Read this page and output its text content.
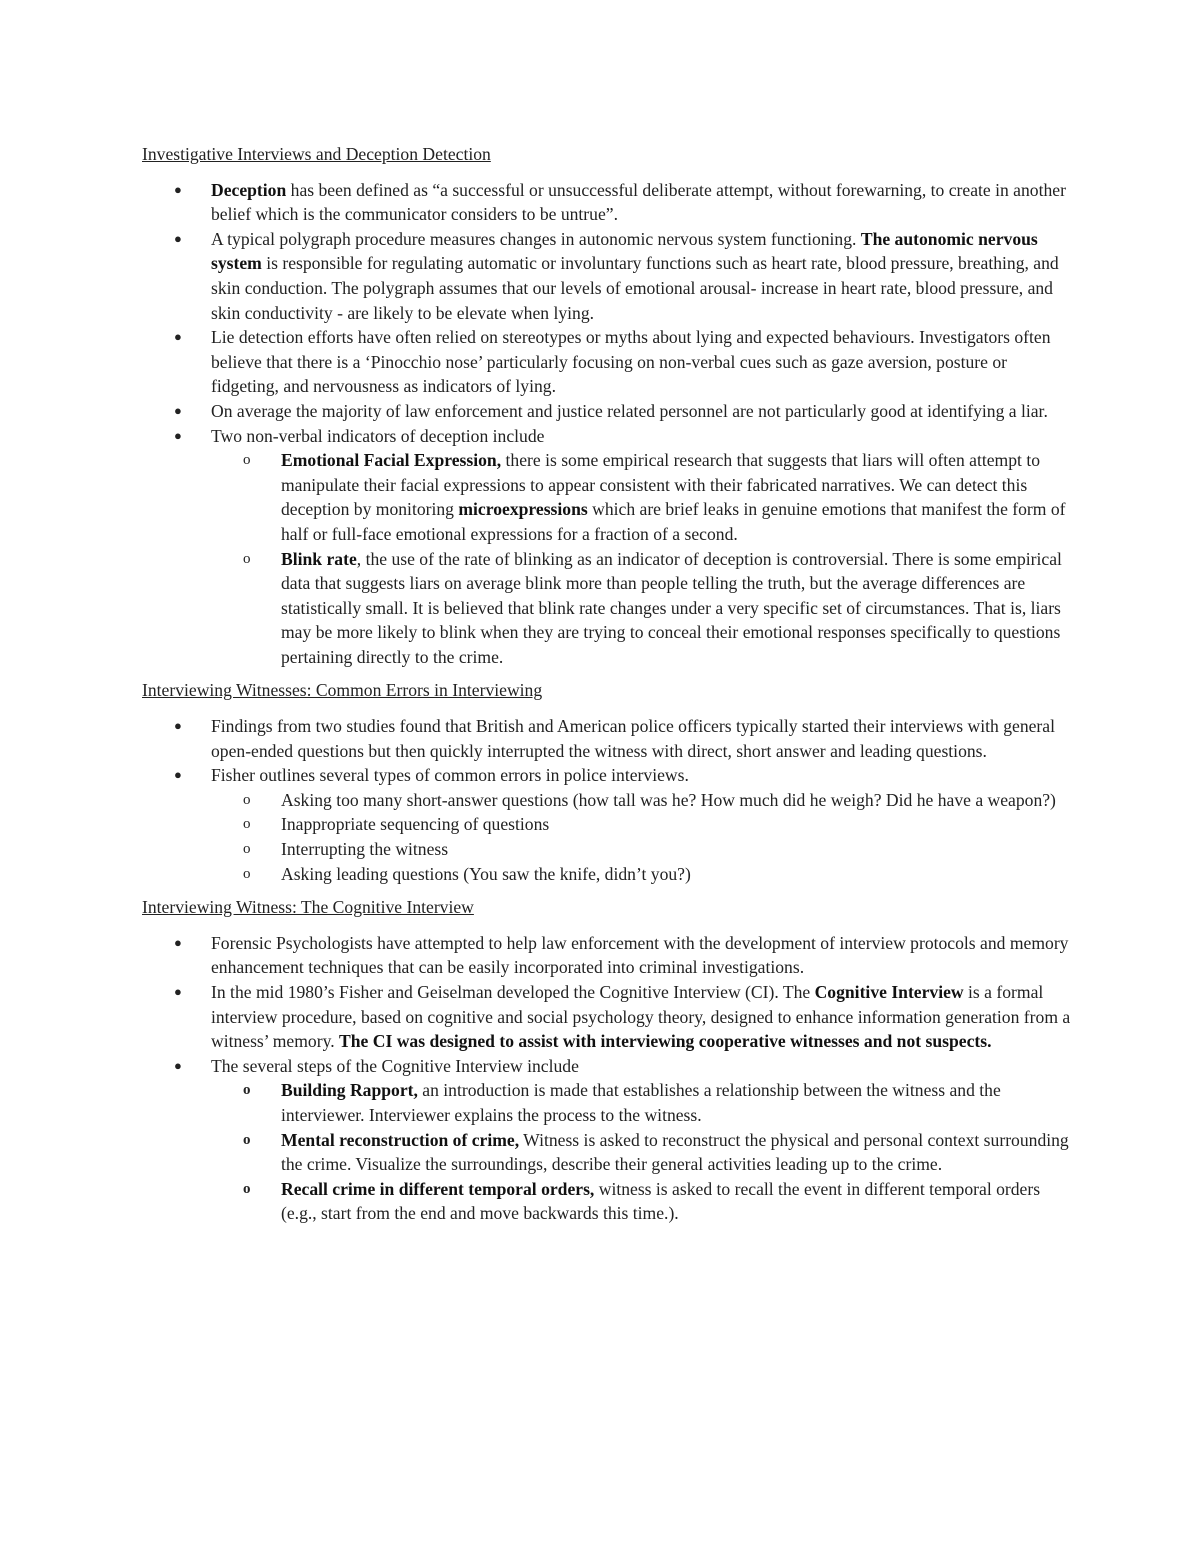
Investigative Interviews and Deception Detection

● Deception has been defined as “a successful or unsuccessful deliberate attempt, without forewarning, to create in another belief which is the communicator considers to be untrue”.
● A typical polygraph procedure measures changes in autonomic nervous system functioning. The autonomic nervous system is responsible for regulating automatic or involuntary functions such as heart rate, blood pressure, breathing, and skin conduction. The polygraph assumes that our levels of emotional arousal- increase in heart rate, blood pressure, and skin conductivity - are likely to be elevate when lying.
● Lie detection efforts have often relied on stereotypes or myths about lying and expected behaviours. Investigators often believe that there is a ‘Pinocchio nose’ particularly focusing on non-verbal cues such as gaze aversion, posture or fidgeting, and nervousness as indicators of lying.
● On average the majority of law enforcement and justice related personnel are not particularly good at identifying a liar.
● Two non-verbal indicators of deception include
o Emotional Facial Expression, there is some empirical research that suggests that liars will often attempt to manipulate their facial expressions to appear consistent with their fabricated narratives. We can detect this deception by monitoring microexpressions which are brief leaks in genuine emotions that manifest the form of half or full-face emotional expressions for a fraction of a second.
o Blink rate, the use of the rate of blinking as an indicator of deception is controversial. There is some empirical data that suggests liars on average blink more than people telling the truth, but the average differences are statistically small. It is believed that blink rate changes under a very specific set of circumstances. That is, liars may be more likely to blink when they are trying to conceal their emotional responses specifically to questions pertaining directly to the crime.

Interviewing Witnesses: Common Errors in Interviewing

● Findings from two studies found that British and American police officers typically started their interviews with general open-ended questions but then quickly interrupted the witness with direct, short answer and leading questions.
● Fisher outlines several types of common errors in police interviews.
o Asking too many short-answer questions (how tall was he? How much did he weigh? Did he have a weapon?)
o Inappropriate sequencing of questions
o Interrupting the witness
o Asking leading questions (You saw the knife, didn’t you?)

Interviewing Witness: The Cognitive Interview

● Forensic Psychologists have attempted to help law enforcement with the development of interview protocols and memory enhancement techniques that can be easily incorporated into criminal investigations.
● In the mid 1980’s Fisher and Geiselman developed the Cognitive Interview (CI). The Cognitive Interview is a formal interview procedure, based on cognitive and social psychology theory, designed to enhance information generation from a witness’ memory. The CI was designed to assist with interviewing cooperative witnesses and not suspects.
● The several steps of the Cognitive Interview include
o Building Rapport, an introduction is made that establishes a relationship between the witness and the interviewer. Interviewer explains the process to the witness.
o Mental reconstruction of crime, Witness is asked to reconstruct the physical and personal context surrounding the crime. Visualize the surroundings, describe their general activities leading up to the crime.
o Recall crime in different temporal orders, witness is asked to recall the event in different temporal orders (e.g., start from the end and move backwards this time.).
